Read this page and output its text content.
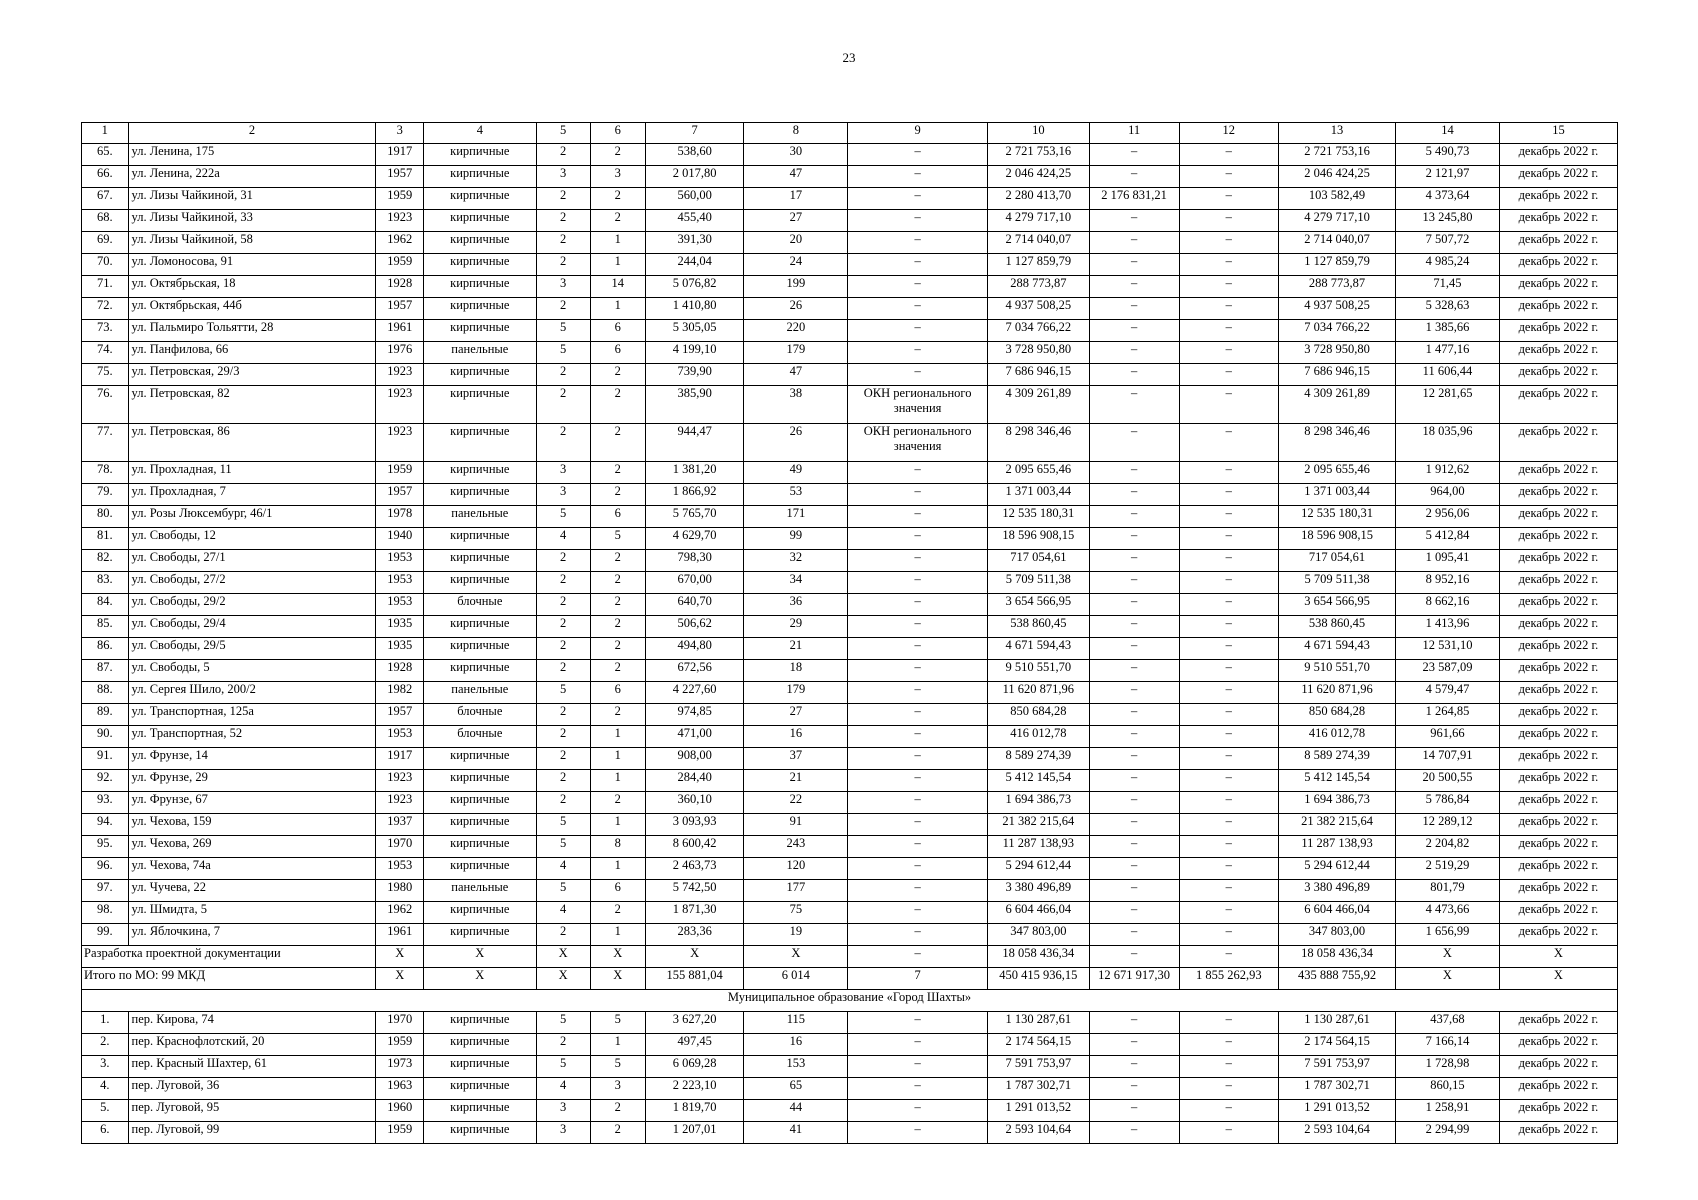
23
1	2	3	4	5	6	7	8	9	10	11	12	13	14	15
65.	ул. Ленина, 175	1917	кирпичные	2	2	538,60	30	–	2 721 753,16	–	–	2 721 753,16	5 490,73	декабрь 2022 г.
66.	ул. Ленина, 222а	1957	кирпичные	3	3	2 017,80	47	–	2 046 424,25	–	–	2 046 424,25	2 121,97	декабрь 2022 г.
67.	ул. Лизы Чайкиной, 31	1959	кирпичные	2	2	560,00	17	–	2 280 413,70	2 176 831,21	–	103 582,49	4 373,64	декабрь 2022 г.
68.	ул. Лизы Чайкиной, 33	1923	кирпичные	2	2	455,40	27	–	4 279 717,10	–	–	4 279 717,10	13 245,80	декабрь 2022 г.
69.	ул. Лизы Чайкиной, 58	1962	кирпичные	2	1	391,30	20	–	2 714 040,07	–	–	2 714 040,07	7 507,72	декабрь 2022 г.
70.	ул. Ломоносова, 91	1959	кирпичные	2	1	244,04	24	–	1 127 859,79	–	–	1 127 859,79	4 985,24	декабрь 2022 г.
71.	ул. Октябрьская, 18	1928	кирпичные	3	14	5 076,82	199	–	288 773,87	–	–	288 773,87	71,45	декабрь 2022 г.
72.	ул. Октябрьская, 44б	1957	кирпичные	2	1	1 410,80	26	–	4 937 508,25	–	–	4 937 508,25	5 328,63	декабрь 2022 г.
73.	ул. Пальмиро Тольятти, 28	1961	кирпичные	5	6	5 305,05	220	–	7 034 766,22	–	–	7 034 766,22	1 385,66	декабрь 2022 г.
74.	ул. Панфилова, 66	1976	панельные	5	6	4 199,10	179	–	3 728 950,80	–	–	3 728 950,80	1 477,16	декабрь 2022 г.
75.	ул. Петровская, 29/3	1923	кирпичные	2	2	739,90	47	–	7 686 946,15	–	–	7 686 946,15	11 606,44	декабрь 2022 г.
76.	ул. Петровская, 82	1923	кирпичные	2	2	385,90	38	ОКН регионального значения	4 309 261,89	–	–	4 309 261,89	12 281,65	декабрь 2022 г.
77.	ул. Петровская, 86	1923	кирпичные	2	2	944,47	26	ОКН регионального значения	8 298 346,46	–	–	8 298 346,46	18 035,96	декабрь 2022 г.
78.	ул. Прохладная, 11	1959	кирпичные	3	2	1 381,20	49	–	2 095 655,46	–	–	2 095 655,46	1 912,62	декабрь 2022 г.
79.	ул. Прохладная, 7	1957	кирпичные	3	2	1 866,92	53	–	1 371 003,44	–	–	1 371 003,44	964,00	декабрь 2022 г.
80.	ул. Розы Люксембург, 46/1	1978	панельные	5	6	5 765,70	171	–	12 535 180,31	–	–	12 535 180,31	2 956,06	декабрь 2022 г.
81.	ул. Свободы, 12	1940	кирпичные	4	5	4 629,70	99	–	18 596 908,15	–	–	18 596 908,15	5 412,84	декабрь 2022 г.
82.	ул. Свободы, 27/1	1953	кирпичные	2	2	798,30	32	–	717 054,61	–	–	717 054,61	1 095,41	декабрь 2022 г.
83.	ул. Свободы, 27/2	1953	кирпичные	2	2	670,00	34	–	5 709 511,38	–	–	5 709 511,38	8 952,16	декабрь 2022 г.
84.	ул. Свободы, 29/2	1953	блочные	2	2	640,70	36	–	3 654 566,95	–	–	3 654 566,95	8 662,16	декабрь 2022 г.
85.	ул. Свободы, 29/4	1935	кирпичные	2	2	506,62	29	–	538 860,45	–	–	538 860,45	1 413,96	декабрь 2022 г.
86.	ул. Свободы, 29/5	1935	кирпичные	2	2	494,80	21	–	4 671 594,43	–	–	4 671 594,43	12 531,10	декабрь 2022 г.
87.	ул. Свободы, 5	1928	кирпичные	2	2	672,56	18	–	9 510 551,70	–	–	9 510 551,70	23 587,09	декабрь 2022 г.
88.	ул. Сергея Шило, 200/2	1982	панельные	5	6	4 227,60	179	–	11 620 871,96	–	–	11 620 871,96	4 579,47	декабрь 2022 г.
89.	ул. Транспортная, 125а	1957	блочные	2	2	974,85	27	–	850 684,28	–	–	850 684,28	1 264,85	декабрь 2022 г.
90.	ул. Транспортная, 52	1953	блочные	2	1	471,00	16	–	416 012,78	–	–	416 012,78	961,66	декабрь 2022 г.
91.	ул. Фрунзе, 14	1917	кирпичные	2	1	908,00	37	–	8 589 274,39	–	–	8 589 274,39	14 707,91	декабрь 2022 г.
92.	ул. Фрунзе, 29	1923	кирпичные	2	1	284,40	21	–	5 412 145,54	–	–	5 412 145,54	20 500,55	декабрь 2022 г.
93.	ул. Фрунзе, 67	1923	кирпичные	2	2	360,10	22	–	1 694 386,73	–	–	1 694 386,73	5 786,84	декабрь 2022 г.
94.	ул. Чехова, 159	1937	кирпичные	5	1	3 093,93	91	–	21 382 215,64	–	–	21 382 215,64	12 289,12	декабрь 2022 г.
95.	ул. Чехова, 269	1970	кирпичные	5	8	8 600,42	243	–	11 287 138,93	–	–	11 287 138,93	2 204,82	декабрь 2022 г.
96.	ул. Чехова, 74а	1953	кирпичные	4	1	2 463,73	120	–	5 294 612,44	–	–	5 294 612,44	2 519,29	декабрь 2022 г.
97.	ул. Чучева, 22	1980	панельные	5	6	5 742,50	177	–	3 380 496,89	–	–	3 380 496,89	801,79	декабрь 2022 г.
98.	ул. Шмидта, 5	1962	кирпичные	4	2	1 871,30	75	–	6 604 466,04	–	–	6 604 466,04	4 473,66	декабрь 2022 г.
99.	ул. Яблочкина, 7	1961	кирпичные	2	1	283,36	19	–	347 803,00	–	–	347 803,00	1 656,99	декабрь 2022 г.
Разработка проектной документации		X	X	X	X	X	X	–	18 058 436,34	–	–	18 058 436,34	X	X
Итого по МО: 99 МКД		X	X	X	X	155 881,04	6 014	7	450 415 936,15	12 671 917,30	1 855 262,93	435 888 755,92	X	X
Муниципальное образование «Город Шахты»														
1.	пер. Кирова, 74	1970	кирпичные	5	5	3 627,20	115	–	1 130 287,61	–	–	1 130 287,61	437,68	декабрь 2022 г.
2.	пер. Краснофлотский, 20	1959	кирпичные	2	1	497,45	16	–	2 174 564,15	–	–	2 174 564,15	7 166,14	декабрь 2022 г.
3.	пер. Красный Шахтер, 61	1973	кирпичные	5	5	6 069,28	153	–	7 591 753,97	–	–	7 591 753,97	1 728,98	декабрь 2022 г.
4.	пер. Луговой, 36	1963	кирпичные	4	3	2 223,10	65	–	1 787 302,71	–	–	1 787 302,71	860,15	декабрь 2022 г.
5.	пер. Луговой, 95	1960	кирпичные	3	2	1 819,70	44	–	1 291 013,52	–	–	1 291 013,52	1 258,91	декабрь 2022 г.
6.	пер. Луговой, 99	1959	кирпичные	3	2	1 207,01	41	–	2 593 104,64	–	–	2 593 104,64	2 294,99	декабрь 2022 г.
